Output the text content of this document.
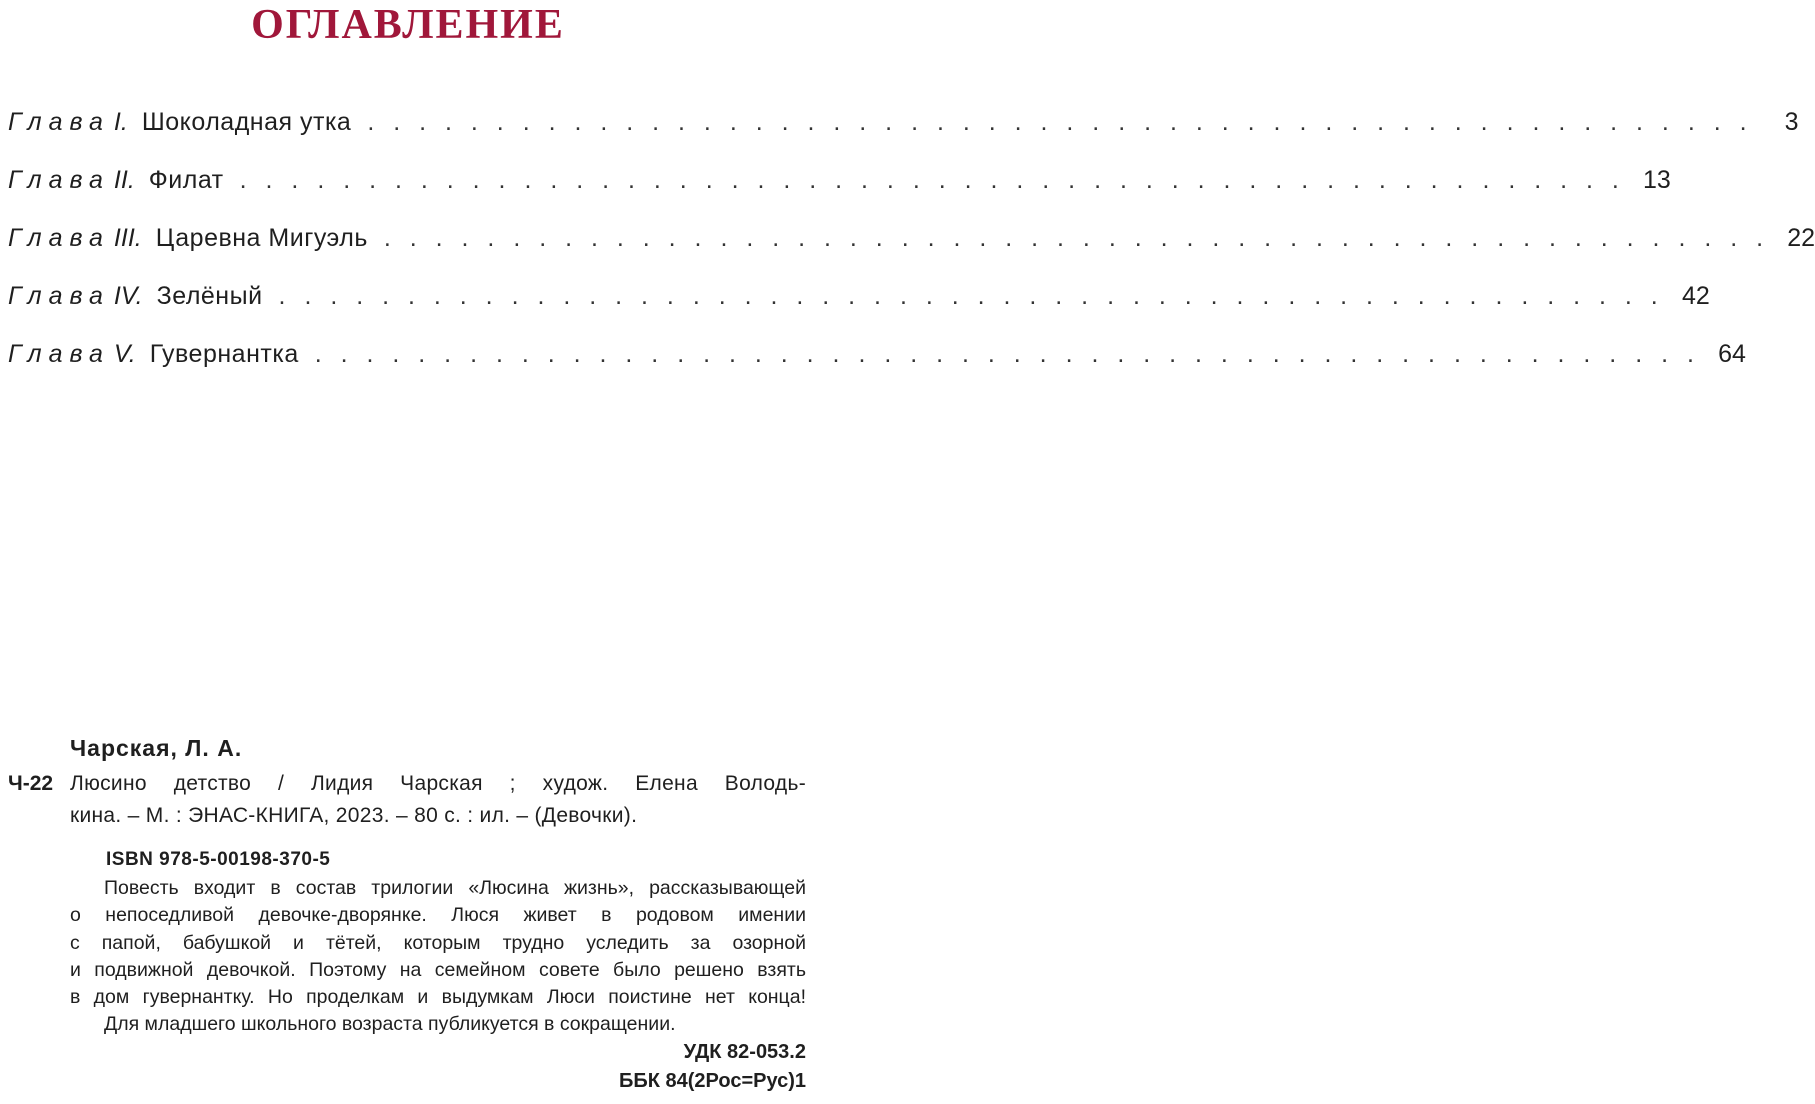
ОГЛАВЛЕНИЕ
Глава I. Шоколадная утка . . . . . . . . . . . . . . . . . . . . . . . . . . . . . . . . . . . . . . . . . . . . . . . . . . . . . .	3
Глава II. Филат . . . . . . . . . . . . . . . . . . . . . . . . . . . . . . . . . . . . . . . . . . . . . . . . . . . . . . 13
Глава III. Царевна Мигуэль . . . . . . . . . . . . . . . . . . . . . . . . . . . . . . . . . . . . . . . . . . . . . . . . . . . . . . 22
Глава IV. Зелёный . . . . . . . . . . . . . . . . . . . . . . . . . . . . . . . . . . . . . . . . . . . . . . . . . . . . . . 42
Глава V. Гувернантка . . . . . . . . . . . . . . . . . . . . . . . . . . . . . . . . . . . . . . . . . . . . . . . . . . . . . . 64
Чарская, Л. А.
Ч-22 Люсино детство / Лидия Чарская ; худож. Елена Володь-
кина. – М. : ЭНАС-КНИГА, 2023. – 80 с. : ил. – (Девочки).
ISBN 978-5-00198-370-5
Повесть входит в состав трилогии «Люсина жизнь», рассказывающей
о непоседливой девочке-дворянке. Люся живет в родовом имении
с папой, бабушкой и тётей, которым трудно уследить за озорной
и подвижной девочкой. Поэтому на семейном совете было решено взять
в дом гувернантку. Но проделкам и выдумкам Люси поистине нет конца!
Для младшего школьного возраста публикуется в сокращении.
УДК 82-053.2
ББК 84(2Рос=Рус)1
